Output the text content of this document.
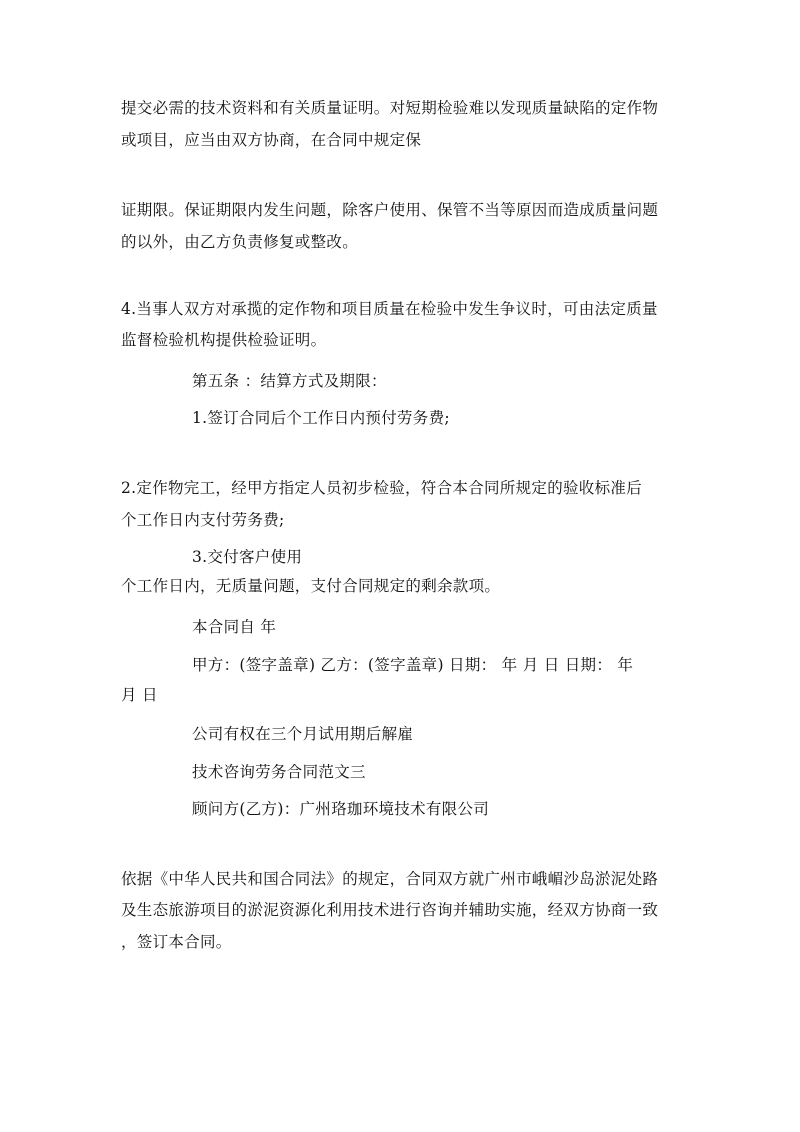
提交必需的技术资料和有关质量证明。对短期检验难以发现质量缺陷的定作物
或项目，应当由双方协商，在合同中规定保
证期限。保证期限内发生问题，除客户使用、保管不当等原因而造成质量问题
的以外，由乙方负责修复或整改。
4.当事人双方对承揽的定作物和项目质量在检验中发生争议时，可由法定质量
监督检验机构提供检验证明。
第五条 ：结算方式及期限：
1.签订合同后个工作日内预付劳务费;
2.定作物完工，经甲方指定人员初步检验，符合本合同所规定的验收标准后
个工作日内支付劳务费;
3.交付客户使用
个工作日内，无质量问题，支付合同规定的剩余款项。
本合同自 年
甲方：(签字盖章) 乙方：(签字盖章) 日期： 年 月 日 日期： 年
月 日
公司有权在三个月试用期后解雇
技术咨询劳务合同范文三
顾问方(乙方)：广州珞珈环境技术有限公司
依据《中华人民共和国合同法》的规定，合同双方就广州市峨嵋沙岛淤泥处路
及生态旅游项目的淤泥资源化利用技术进行咨询并辅助实施，经双方协商一致
，签订本合同。
